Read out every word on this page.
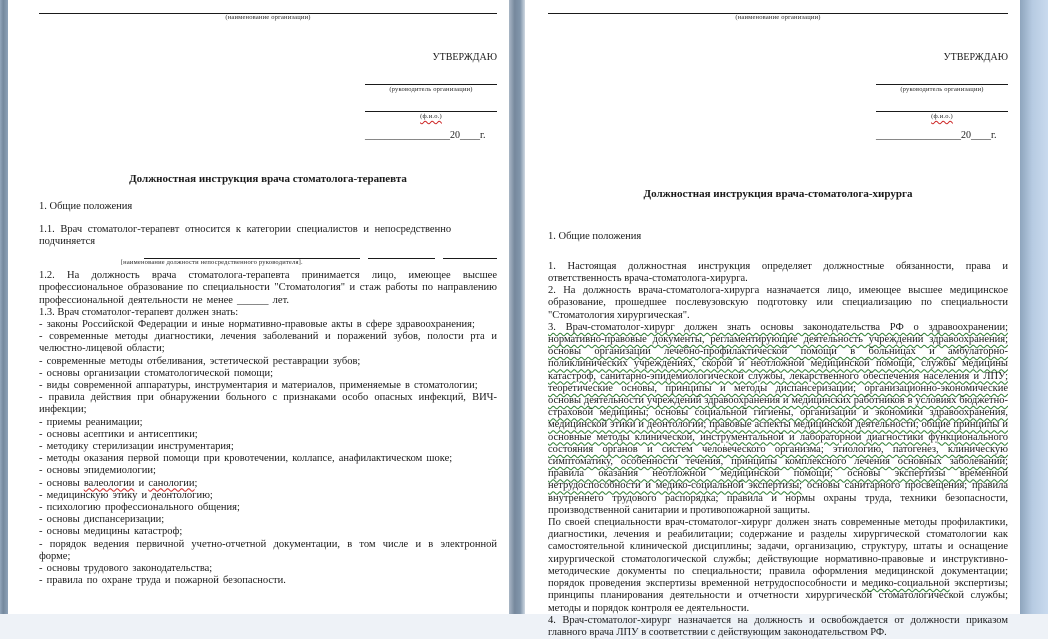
(наименование организации)
УТВЕРЖДАЮ
(руководитель организации)
(ф.и.о.)
_________________20____г.
Должностная инструкция врача стоматолога-терапевта
1. Общие положения
1.1. Врач стоматолог-терапевт относится к категории специалистов и непосредственно подчиняется
[наименование должности непосредственного руководителя].
1.2. На должность врача стоматолога-терапевта принимается лицо, имеющее высшее профессиональное образование по специальности "Стоматология" и стаж работы по направлению профессиональной деятельности не менее ______ лет.
1.3. Врач стоматолог-терапевт должен знать:
- законы Российской Федерации и иные нормативно-правовые акты в сфере здравоохранения;
- современные методы диагностики, лечения заболеваний и поражений зубов, полости рта и челюстно-лицевой области;
- современные методы отбеливания, эстетической реставрации зубов;
- основы организации стоматологической помощи;
- виды современной аппаратуры, инструментария и материалов, применяемые в стоматологии;
- правила действия при обнаружении больного с признаками особо опасных инфекций, ВИЧ-инфекции;
- приемы реанимации;
- основы асептики и антисептики;
- методику стерилизации инструментария;
- методы оказания первой помощи при кровотечении, коллапсе, анафилактическом шоке;
- основы эпидемиологии;
- основы валеологии и санологии;
- медицинскую этику и деонтологию;
- психологию профессионального общения;
- основы диспансеризации;
- основы медицины катастроф;
- порядок ведения первичной учетно-отчетной документации, в том числе и в электронной форме;
- основы трудового законодательства;
- правила по охране труда и пожарной безопасности.
(наименование организации)
УТВЕРЖДАЮ
(руководитель организации)
(ф.и.о.)
_________________20____г.
Должностная инструкция врача-стоматолога-хирурга
1. Общие положения
1. Настоящая должностная инструкция определяет должностные обязанности, права и ответственность врача-стоматолога-хирурга.
2. На должность врача-стоматолога-хирурга назначается лицо, имеющее высшее медицинское образование, прошедшее послевузовскую подготовку или специализацию по специальности "Стоматология хирургическая".
3. Врач-стоматолог-хирург должен знать основы законодательства РФ о здравоохранении; нормативно-правовые документы, регламентирующие деятельность учреждений здравоохранения; основы организации лечебно-профилактической помощи в больницах и амбулаторно-поликлинических учреждениях, скорой и неотложной медицинской помощи, службы медицины катастроф, санитарно-эпидемиологической службы, лекарственного обеспечения населения и ЛПУ; теоретические основы, принципы и методы диспансеризации; организационно-экономические основы деятельности учреждений здравоохранения и медицинских работников в условиях бюджетно-страховой медицины; основы социальной гигиены, организации и экономики здравоохранения, медицинской этики и деонтологии; правовые аспекты медицинской деятельности; общие принципы и основные методы клинической, инструментальной и лабораторной диагностики функционального состояния органов и систем человеческого организма; этиологию, патогенез, клиническую симптоматику, особенности течения, принципы комплексного лечения основных заболеваний; правила оказания неотложной медицинской помощи; основы экспертизы временной нетрудоспособности и медико-социальной экспертизы; основы санитарного просвещения; правила внутреннего трудового распорядка; правила и нормы охраны труда, техники безопасности, производственной санитарии и противопожарной защиты.
По своей специальности врач-стоматолог-хирург должен знать современные методы профилактики, диагностики, лечения и реабилитации; содержание и разделы хирургической стоматологии как самостоятельной клинической дисциплины; задачи, организацию, структуру, штаты и оснащение хирургической стоматологической службы; действующие нормативно-правовые и инструктивно-методические документы по специальности; правила оформления медицинской документации; порядок проведения экспертизы временной нетрудоспособности и медико-социальной экспертизы; принципы планирования деятельности и отчетности хирургической стоматологической службы; методы и порядок контроля ее деятельности.
4. Врач-стоматолог-хирург назначается на должность и освобождается от должности приказом главного врача ЛПУ в соответствии с действующим законодательством РФ.
